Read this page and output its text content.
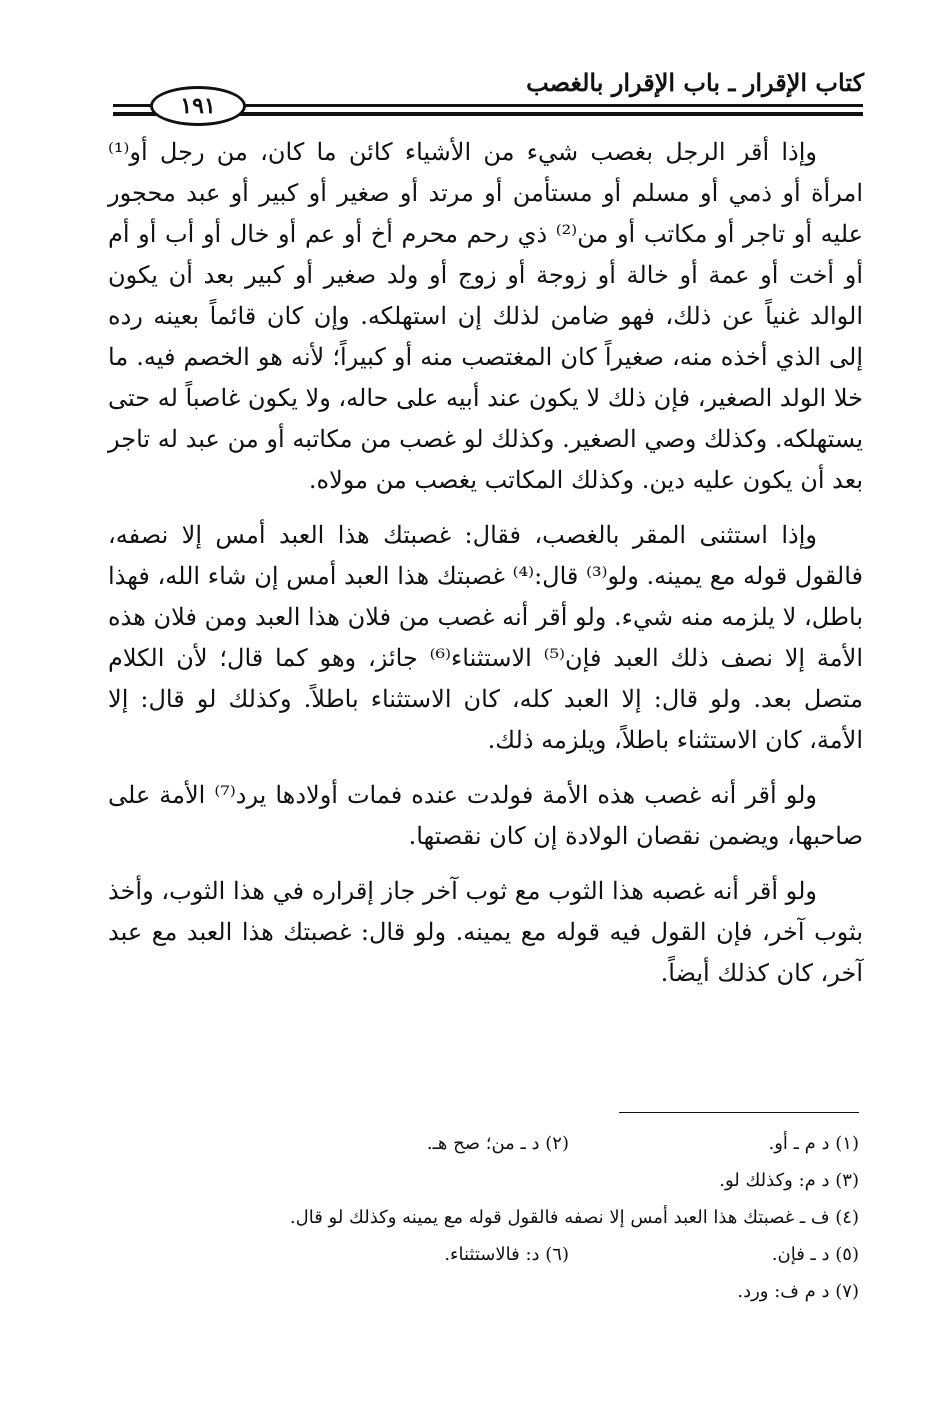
كتاب الإقرار ـ باب الإقرار بالغصب
١٩١

وإذا أقر الرجل بغصب شيء من الأشياء كائن ما كان، من رجل أو⁽¹⁾ امرأة أو ذمي أو مسلم أو مستأمن أو مرتد أو صغير أو كبير أو عبد محجور عليه أو تاجر أو مكاتب أو من⁽²⁾ ذي رحم محرم أخ أو عم أو خال أو أب أو أم أو أخت أو عمة أو خالة أو زوجة أو زوج أو ولد صغير أو كبير بعد أن يكون الوالد غنياً عن ذلك، فهو ضامن لذلك إن استهلكه. وإن كان قائماً بعينه رده إلى الذي أخذه منه، صغيراً كان المغتصب منه أو كبيراً؛ لأنه هو الخصم فيه. ما خلا الولد الصغير، فإن ذلك لا يكون عند أبيه على حاله، ولا يكون غاصباً له حتى يستهلكه. وكذلك وصي الصغير. وكذلك لو غصب من مكاتبه أو من عبد له تاجر بعد أن يكون عليه دين. وكذلك المكاتب يغصب من مولاه.

وإذا استثنى المقر بالغصب، فقال: غصبتك هذا العبد أمس إلا نصفه، فالقول قوله مع يمينه. ولو⁽³⁾ قال:⁽⁴⁾ غصبتك هذا العبد أمس إن شاء الله، فهذا باطل، لا يلزمه منه شيء. ولو أقر أنه غصب من فلان هذا العبد ومن فلان هذه الأمة إلا نصف ذلك العبد فإن⁽⁵⁾ الاستثناء⁽⁶⁾ جائز، وهو كما قال؛ لأن الكلام متصل بعد. ولو قال: إلا العبد كله، كان الاستثناء باطلاً. وكذلك لو قال: إلا الأمة، كان الاستثناء باطلاً، ويلزمه ذلك.

ولو أقر أنه غصب هذه الأمة فولدت عنده فمات أولادها يرد⁽⁷⁾ الأمة على صاحبها، ويضمن نقصان الولادة إن كان نقصتها.

ولو أقر أنه غصبه هذا الثوب مع ثوب آخر جاز إقراره في هذا الثوب، وأخذ بثوب آخر، فإن القول فيه قوله مع يمينه. ولو قال: غصبتك هذا العبد مع عبد آخر، كان كذلك أيضاً.

(١) د م ـ أو.
(٢) د ـ من؛ صح هـ.
(٣) د م: وكذلك لو.
(٤) ف ـ غصبتك هذا العبد أمس إلا نصفه فالقول قوله مع يمينه وكذلك لو قال.
(٥) د ـ فإن.
(٦) د: فالاستثناء.
(٧) د م ف: ورد.
